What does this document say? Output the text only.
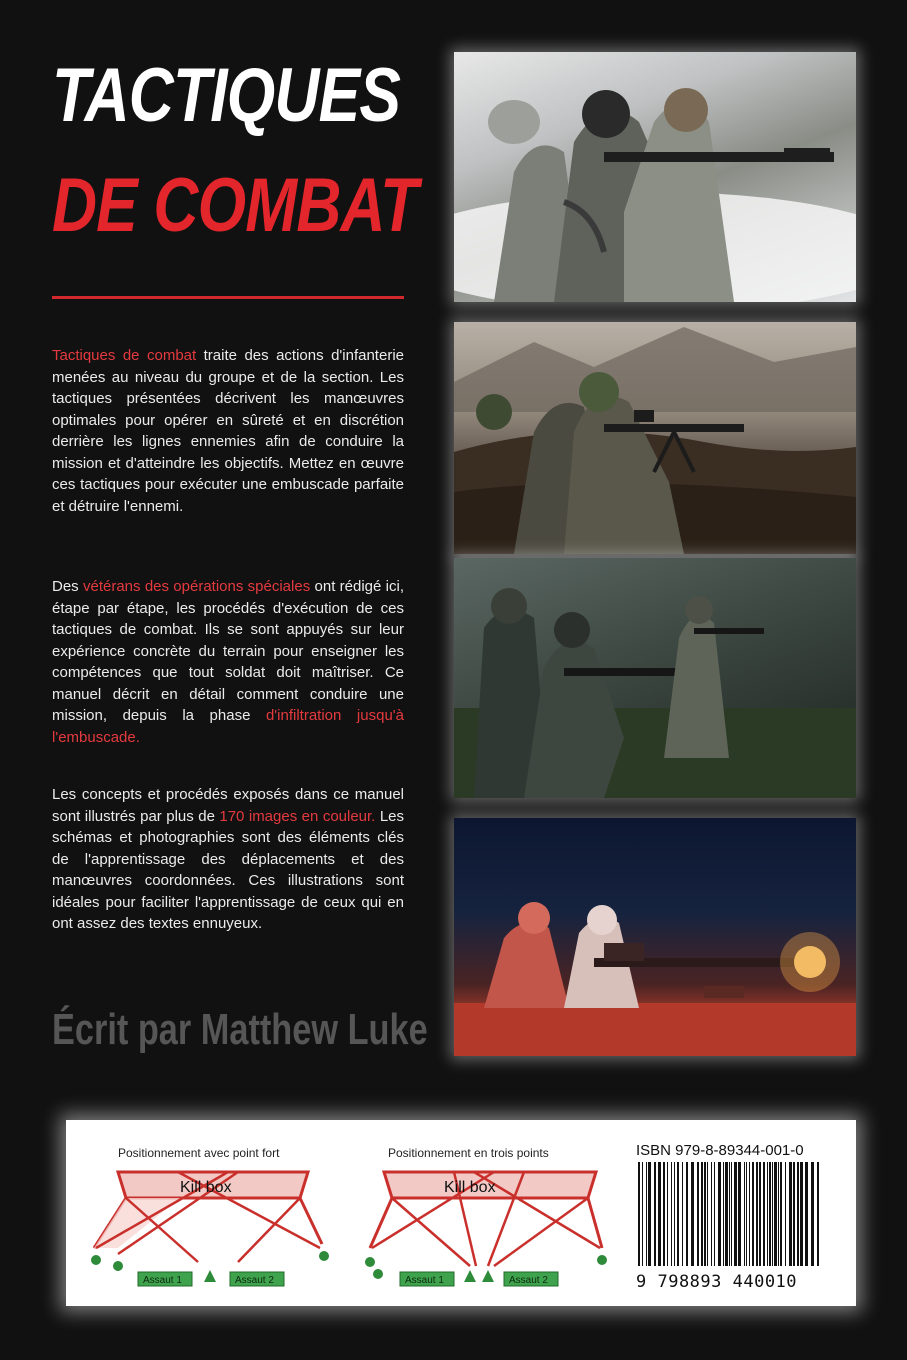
TACTIQUES
DE COMBAT

Tactiques de combat traite des actions d'infanterie menées au niveau du groupe et de la section. Les tactiques présentées décrivent les manœuvres optimales pour opérer en sûreté et en discrétion derrière les lignes ennemies afin de conduire la mission et d'atteindre les objectifs. Mettez en œuvre ces tactiques pour exécuter une embuscade parfaite et détruire l'ennemi.

Des vétérans des opérations spéciales ont rédigé ici, étape par étape, les procédés d'exécution de ces tactiques de combat. Ils se sont appuyés sur leur expérience concrète du terrain pour enseigner les compétences que tout soldat doit maîtriser. Ce manuel décrit en détail comment conduire une mission, depuis la phase d'infiltration jusqu'à l'embuscade.

Les concepts et procédés exposés dans ce manuel sont illustrés par plus de 170 images en couleur. Les schémas et photographies sont des éléments clés de l'apprentissage des déplacements et des manœuvres coordonnées. Ces illustrations sont idéales pour faciliter l'apprentissage de ceux qui en ont assez des textes ennuyeux.

Écrit par Matthew Luke

Positionnement avec point fort

Kill box
Assaut 1	Assaut 2

Positionnement en trois points

Kill box
Assaut 1	Assaut 2

ISBN 979-8-89344-001-0

9 798893 440010
